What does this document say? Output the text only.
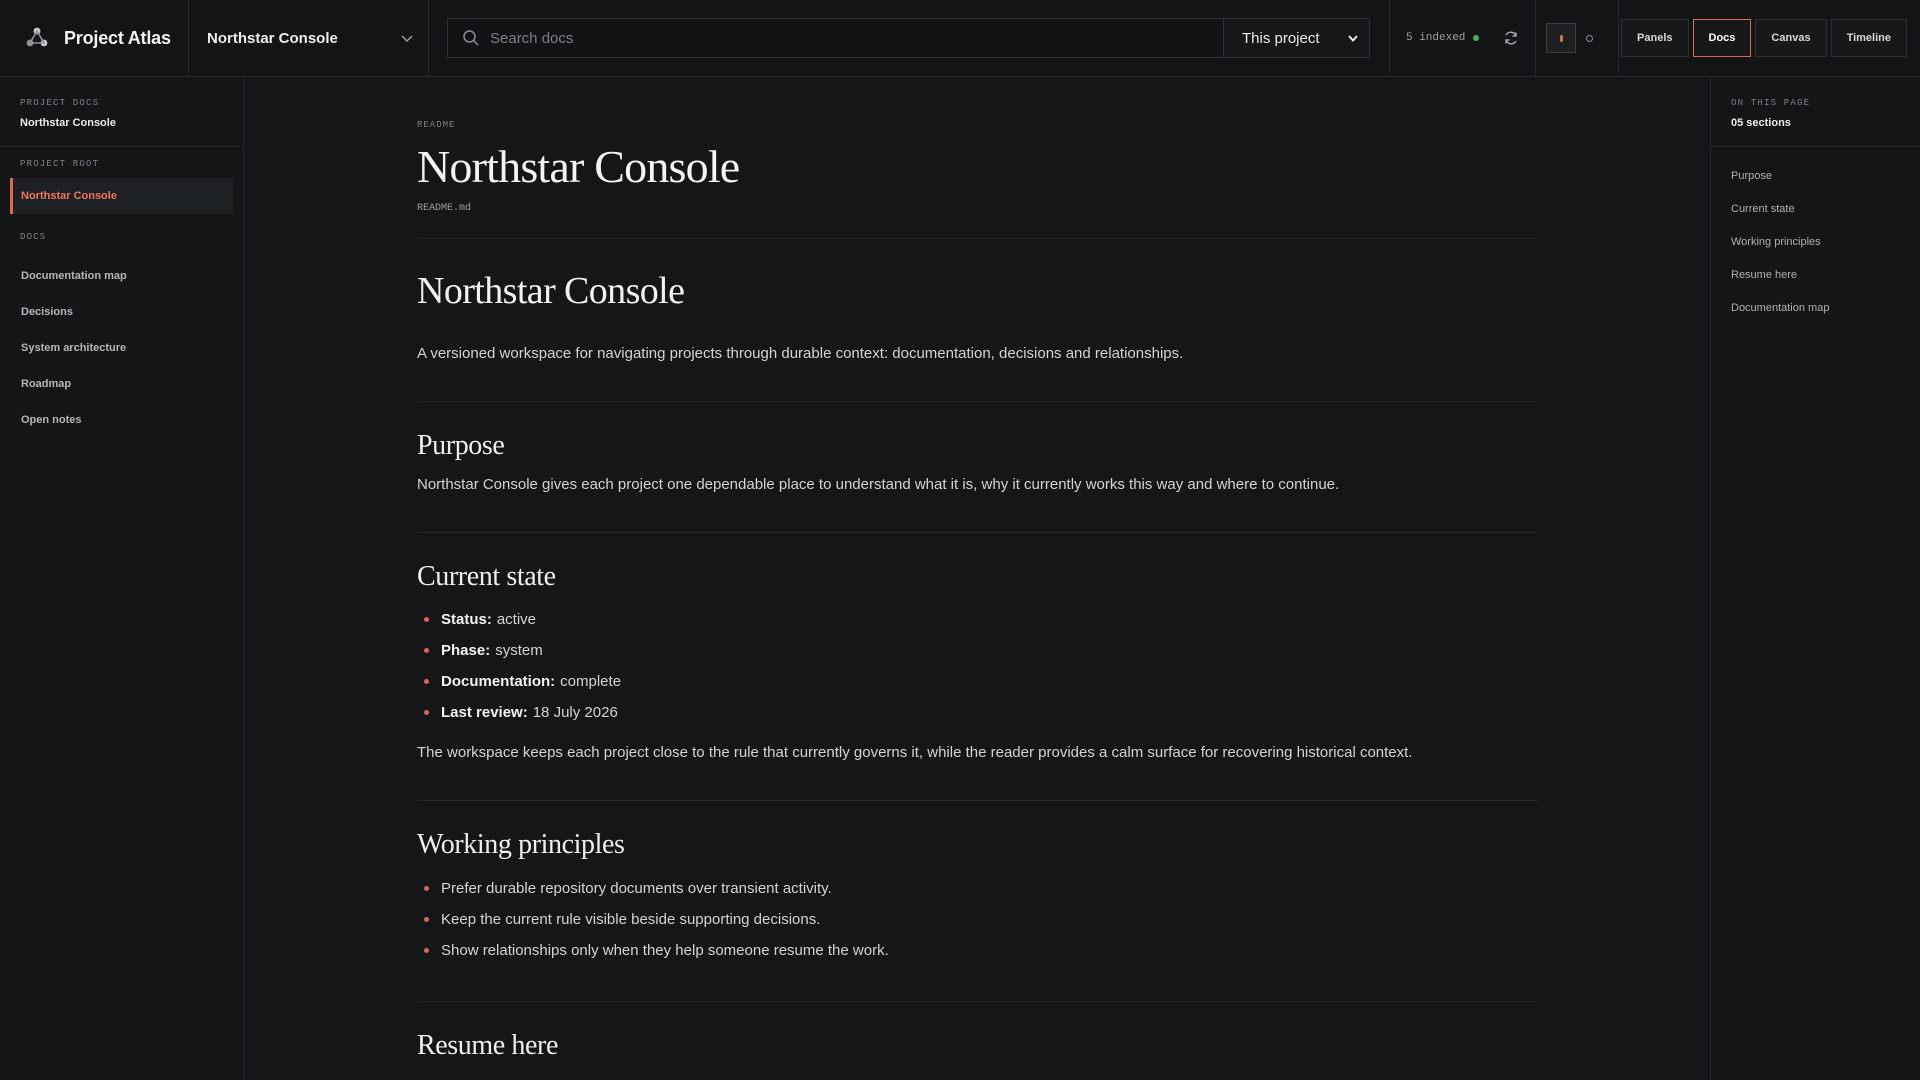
Project Atlas Northstar Console
Search docs	This project	5 indexed	Panels	Docs	Canvas	Timeline
PROJECT DOCS
Northstar Console
PROJECT ROOT
Northstar Console
DOCS
Documentation map
Decisions
System architecture
Roadmap
Open notes
README
Northstar Console
README.md
Northstar Console

A versioned workspace for navigating projects through durable context: documentation, decisions and relationships.

Purpose

Northstar Console gives each project one dependable place to understand what it is, why it currently works this way and where to continue.

Current state
Status: active
Phase: system
Documentation: complete
Last review: 18 July 2026

The workspace keeps each project close to the rule that currently governs it, while the reader provides a calm surface for recovering historical context.

Working principles
Prefer durable repository documents over transient activity.
Keep the current rule visible beside supporting decisions.
Show relationships only when they help someone resume the work.
Resume here
ON THIS PAGE
05 sections
Purpose
Current state
Working principles
Resume here
Documentation map
